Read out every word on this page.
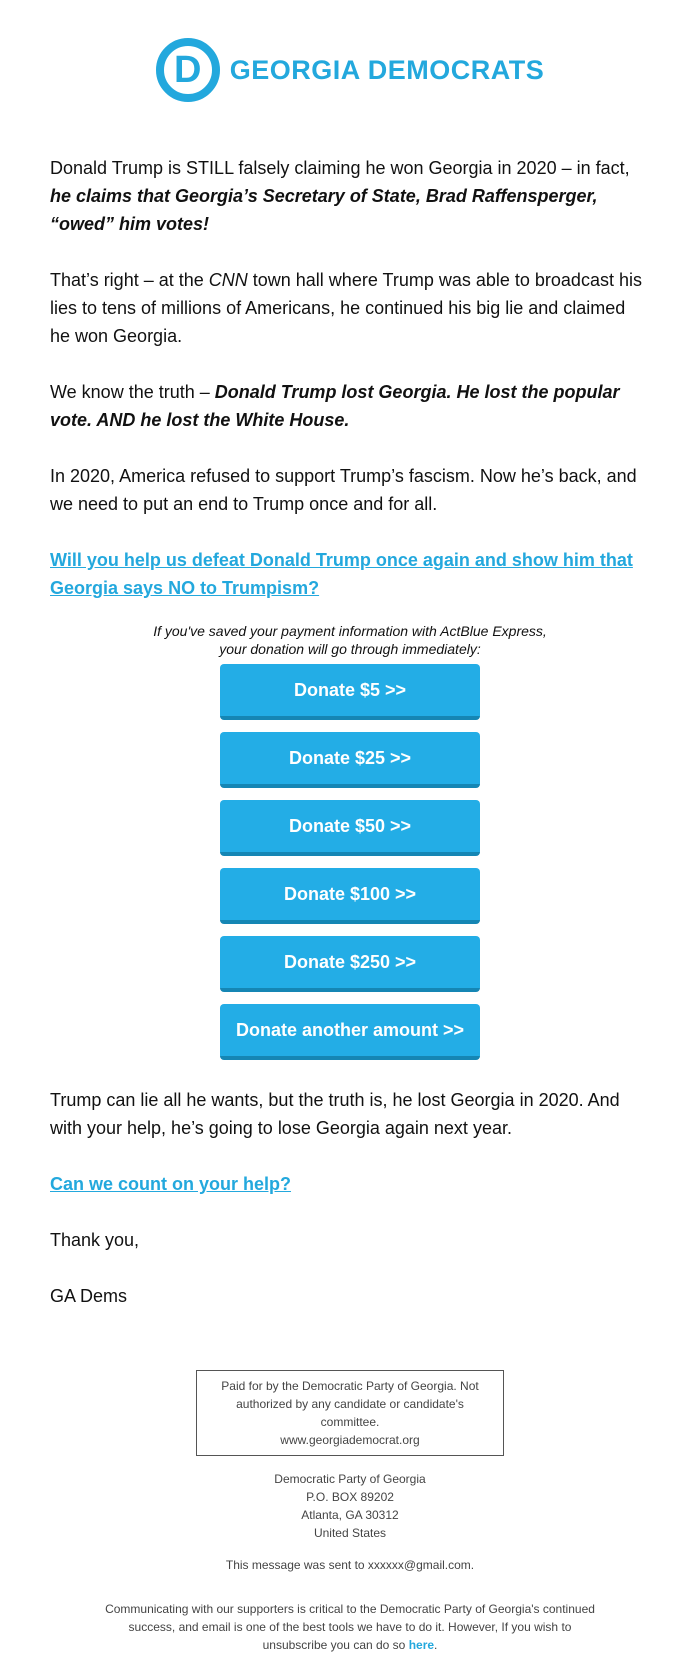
D GEORGIA DEMOCRATS

Donald Trump is STILL falsely claiming he won Georgia in 2020 – in fact, he claims that Georgia’s Secretary of State, Brad Raffensperger, “owed” him votes!

That’s right – at the CNN town hall where Trump was able to broadcast his lies to tens of millions of Americans, he continued his big lie and claimed he won Georgia.

We know the truth – Donald Trump lost Georgia. He lost the popular vote. AND he lost the White House.

In 2020, America refused to support Trump’s fascism. Now he’s back, and we need to put an end to Trump once and for all.

Will you help us defeat Donald Trump once again and show him that Georgia says NO to Trumpism?

If you've saved your payment information with ActBlue Express,
your donation will go through immediately:
Donate $5 >>
Donate $25 >>
Donate $50 >>
Donate $100 >>
Donate $250 >>
Donate another amount >>

Trump can lie all he wants, but the truth is, he lost Georgia in 2020. And with your help, he’s going to lose Georgia again next year.

Can we count on your help?

Thank you,

GA Dems

Paid for by the Democratic Party of Georgia. Not authorized by any candidate or candidate's committee.
www.georgiademocrat.org
Democratic Party of Georgia
P.O. BOX 89202
Atlanta, GA 30312
United States
This message was sent to xxxxxx@gmail.com.
Communicating with our supporters is critical to the Democratic Party of Georgia's continued success, and email is one of the best tools we have to do it. However, If you wish to unsubscribe you can do so here.
